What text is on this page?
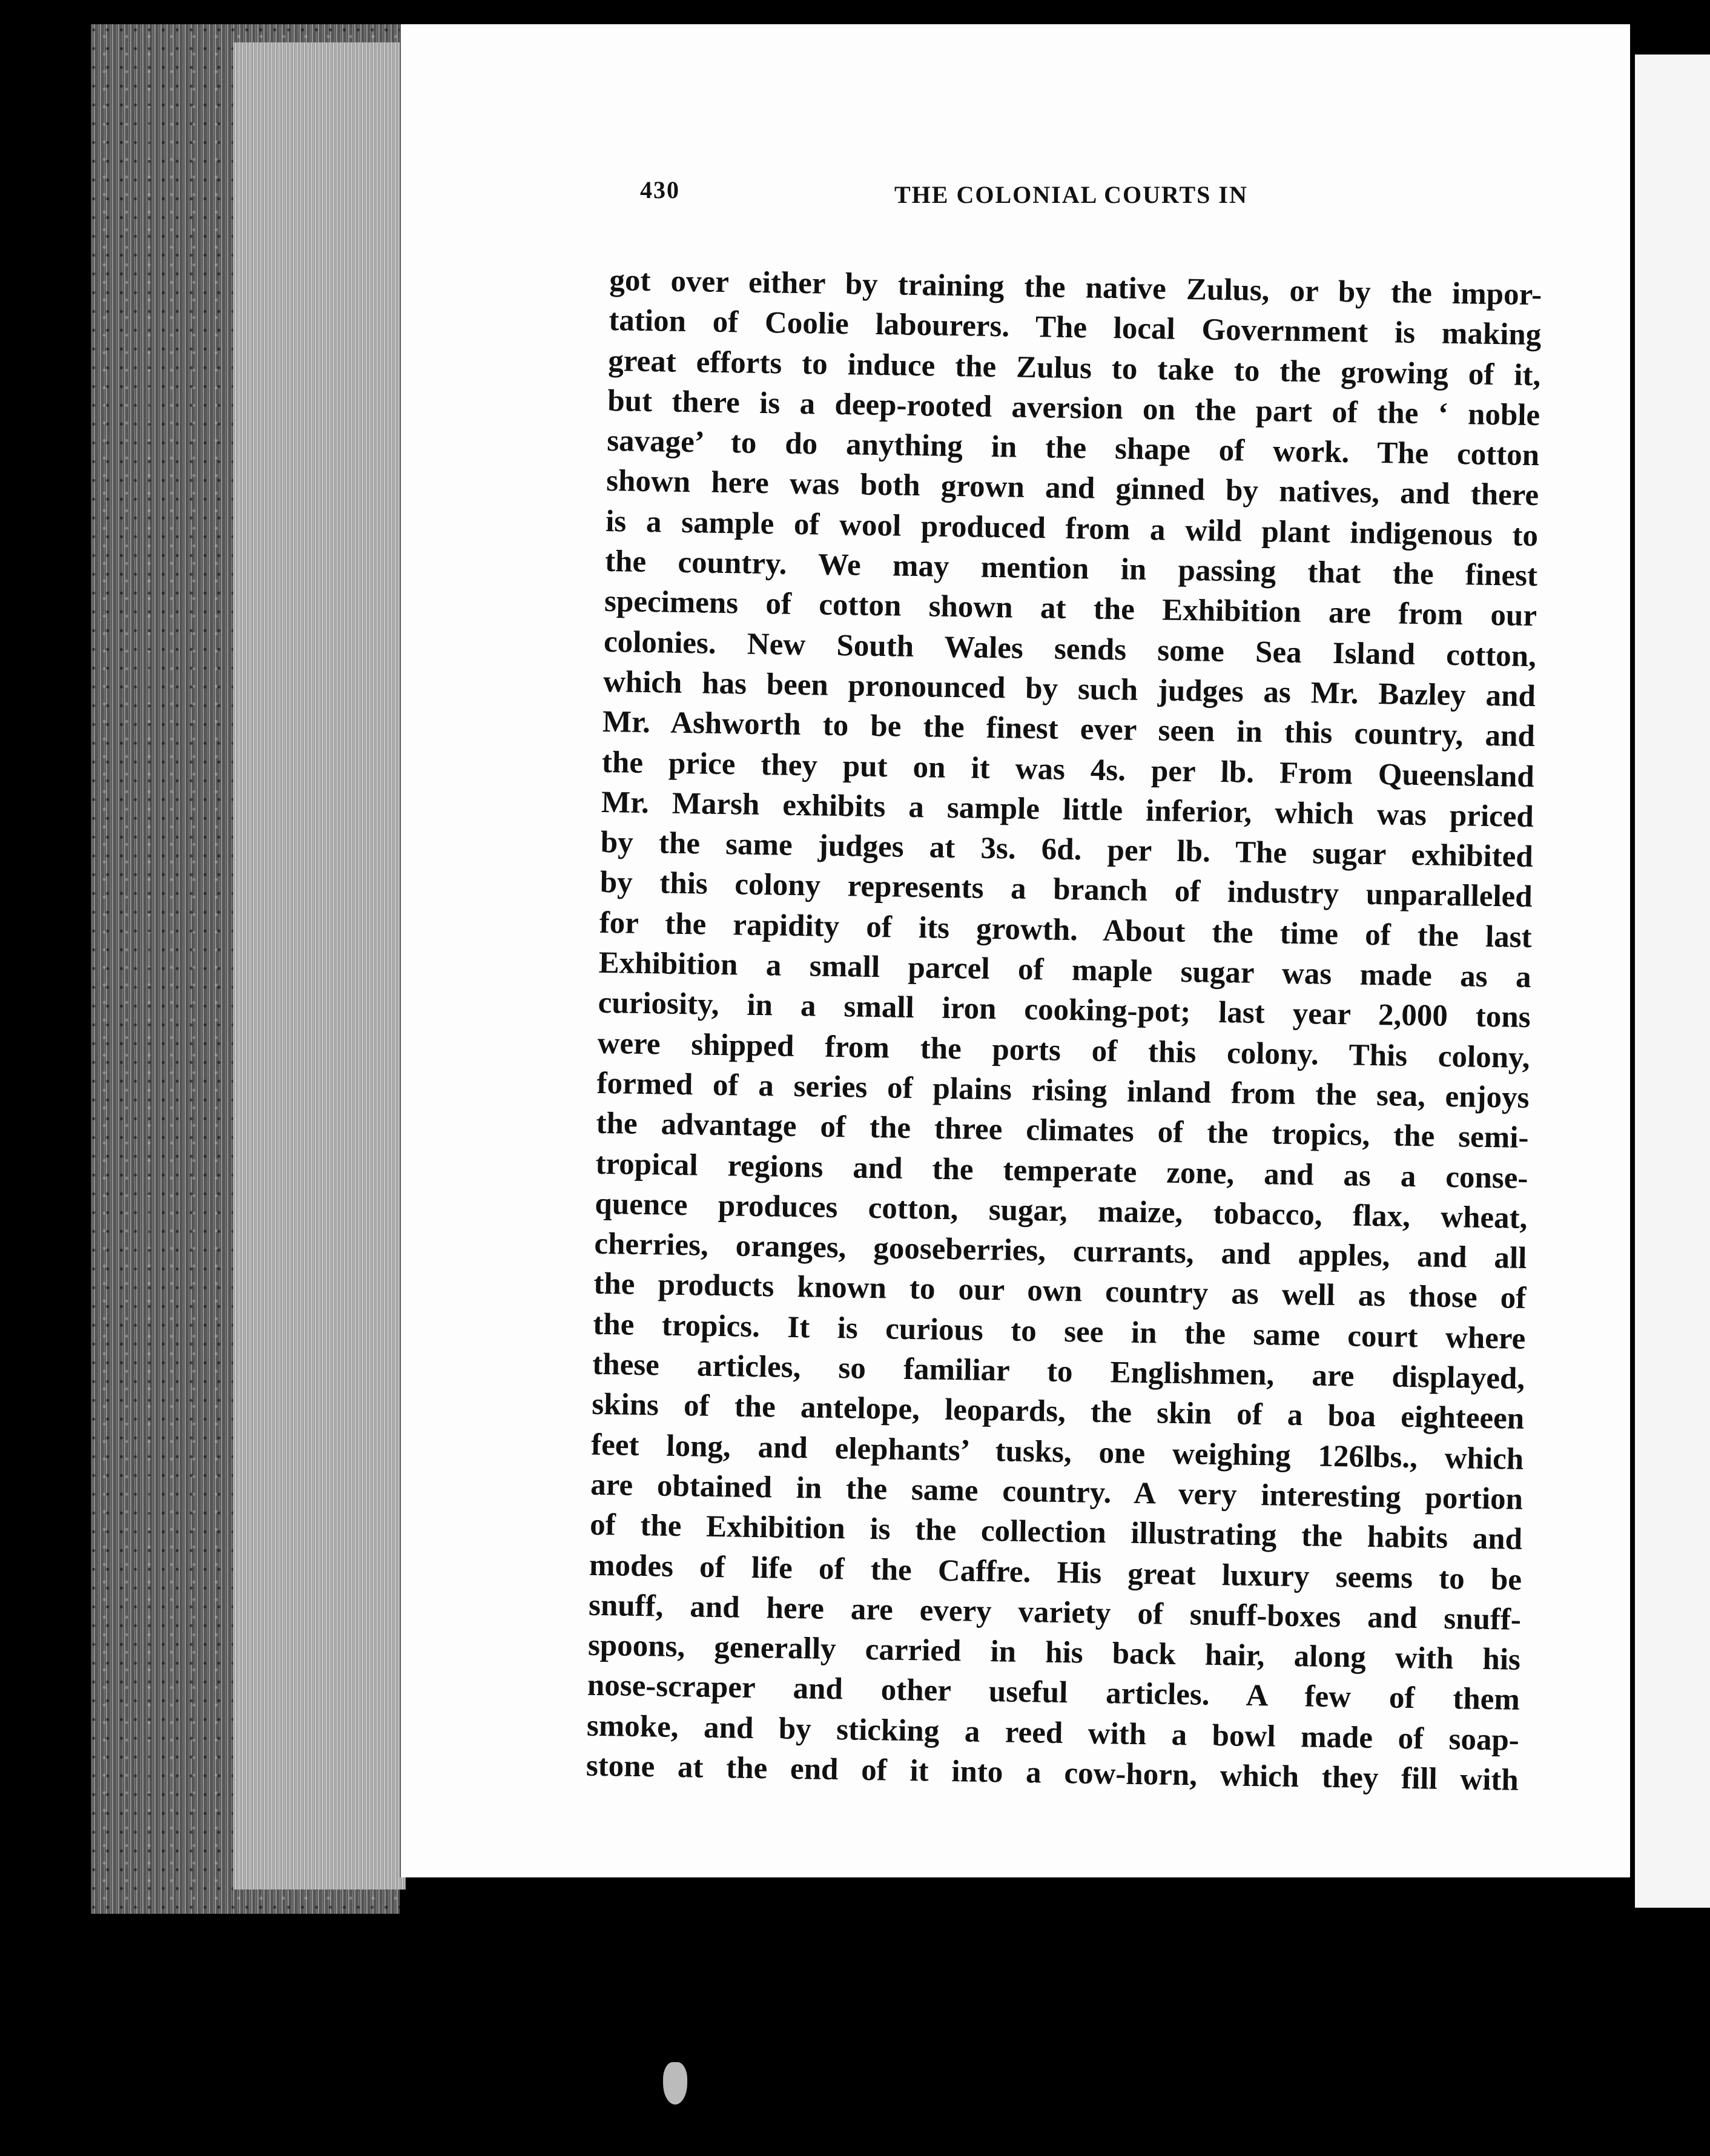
430	THE COLONIAL COURTS IN
got over either by training the native Zulus, or by the impor-
tation of Coolie labourers. The local Government is making
great efforts to induce the Zulus to take to the growing of it,
but there is a deep-rooted aversion on the part of the ‘ noble
savage’ to do anything in the shape of work. The cotton
shown here was both grown and ginned by natives, and there
is a sample of wool produced from a wild plant indigenous to
the country. We may mention in passing that the finest
specimens of cotton shown at the Exhibition are from our
colonies. New South Wales sends some Sea Island cotton,
which has been pronounced by such judges as Mr. Bazley and
Mr. Ashworth to be the finest ever seen in this country, and
the price they put on it was 4s. per lb. From Queensland
Mr. Marsh exhibits a sample little inferior, which was priced
by the same judges at 3s. 6d. per lb. The sugar exhibited
by this colony represents a branch of industry unparalleled
for the rapidity of its growth. About the time of the last
Exhibition a small parcel of maple sugar was made as a
curiosity, in a small iron cooking-pot; last year 2,000 tons
were shipped from the ports of this colony. This colony,
formed of a series of plains rising inland from the sea, enjoys
the advantage of the three climates of the tropics, the semi-
tropical regions and the temperate zone, and as a conse-
quence produces cotton, sugar, maize, tobacco, flax, wheat,
cherries, oranges, gooseberries, currants, and apples, and all
the products known to our own country as well as those of
the tropics. It is curious to see in the same court where
these articles, so familiar to Englishmen, are displayed,
skins of the antelope, leopards, the skin of a boa eighteeen
feet long, and elephants’ tusks, one weighing 126lbs., which
are obtained in the same country. A very interesting portion
of the Exhibition is the collection illustrating the habits and
modes of life of the Caffre. His great luxury seems to be
snuff, and here are every variety of snuff-boxes and snuff-
spoons, generally carried in his back hair, along with his
nose-scraper and other useful articles. A few of them
smoke, and by sticking a reed with a bowl made of soap-
stone at the end of it into a cow-horn, which they fill with
